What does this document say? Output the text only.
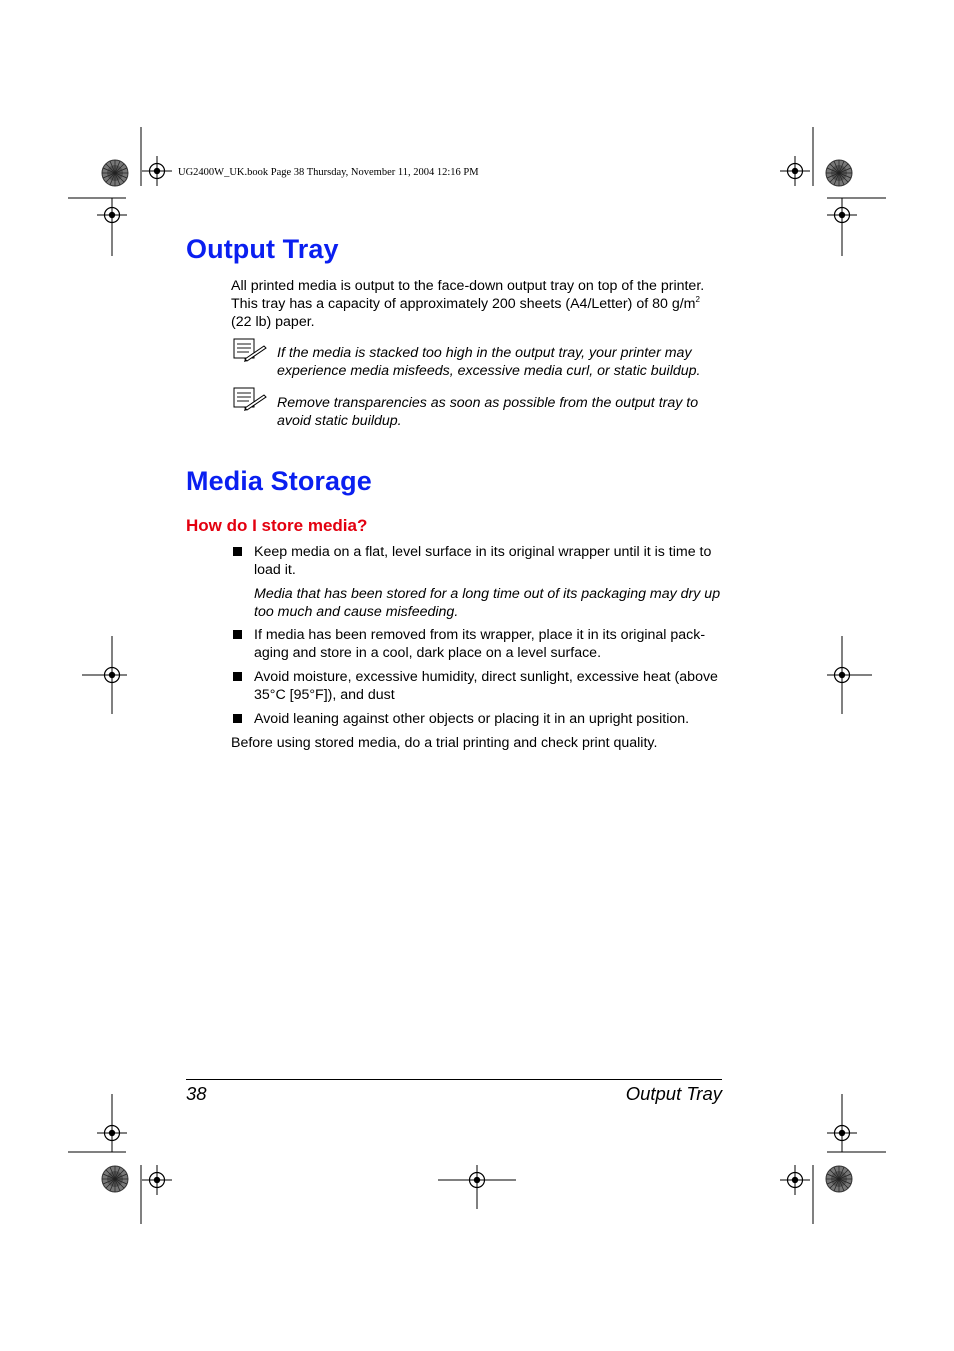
UG2400W_UK.book Page 38 Thursday, November 11, 2004 12:16 PM
Output Tray
All printed media is output to the face-down output tray on top of the printer.
This tray has a capacity of approximately 200 sheets (A4/Letter) of 80 $g/m^2$
(22 lb) paper.
If the media is stacked too high in the output tray, your printer may
experience media misfeeds, excessive media curl, or static buildup.
Remove transparencies as soon as possible from the output tray to
avoid static buildup.
Media Storage
How do I store media?
Keep media on a flat, level surface in its original wrapper until it is time to
load it.
Media that has been stored for a long time out of its packaging may dry up
too much and cause misfeeding.
If media has been removed from its wrapper, place it in its original pack-
aging and store in a cool, dark place on a level surface.
Avoid moisture, excessive humidity, direct sunlight, excessive heat (above
35°C [95°F]), and dust
Avoid leaning against other objects or placing it in an upright position.
Before using stored media, do a trial printing and check print quality.
38	Output Tray
